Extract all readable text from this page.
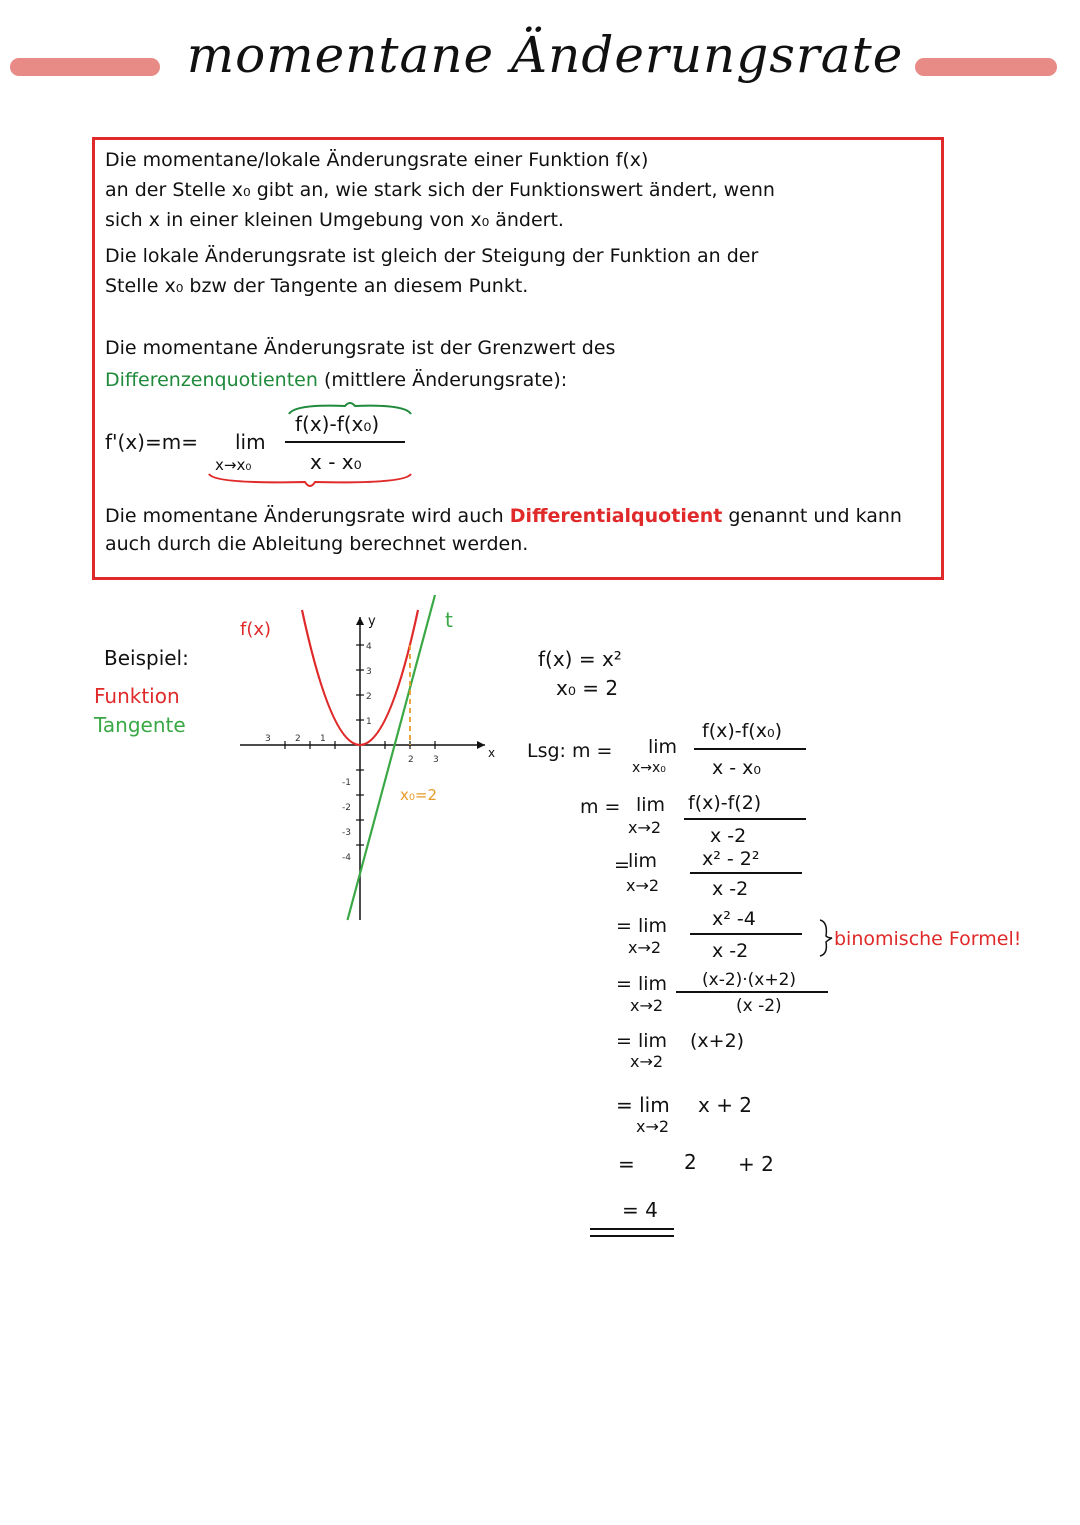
momentane Änderungsrate
Die momentane/lokale Änderungsrate einer Funktion f(x)
an der Stelle x₀ gibt an, wie stark sich der Funktionswert ändert, wenn
sich x in einer kleinen Umgebung von x₀ ändert.
Die lokale Änderungsrate ist gleich der Steigung der Funktion an der
Stelle x₀ bzw der Tangente an diesem Punkt.
Die momentane Änderungsrate ist der Grenzwert des
Differenzenquotienten (mittlere Änderungsrate):
f'(x)=m= lim
x→x₀
f(x)-f(x₀)
x - x₀
Die momentane Änderungsrate wird auch Differentialquotient genannt und kann
auch durch die Ableitung berechnet werden.
Beispiel:
Funktion
Tangente
3	2 1
2 3
1
2
3
4
-1
-2
-3
-4
y
x
f(x)	t
x₀=2
f(x) = x²
x₀ = 2
Lsg: m = lim
x→x₀
f(x)-f(x₀)
x - x₀
m = lim
x→2
f(x)-f(2)
x -2
=
lim
x→2
x² - 2²
x -2
= lim
x→2
x² -4
x -2
binomische Formel!
= lim
x→2
(x-2)·(x+2)
(x -2)
= lim
x→2
(x+2)
= lim
x→2
x + 2
= 2 + 2
= 4
